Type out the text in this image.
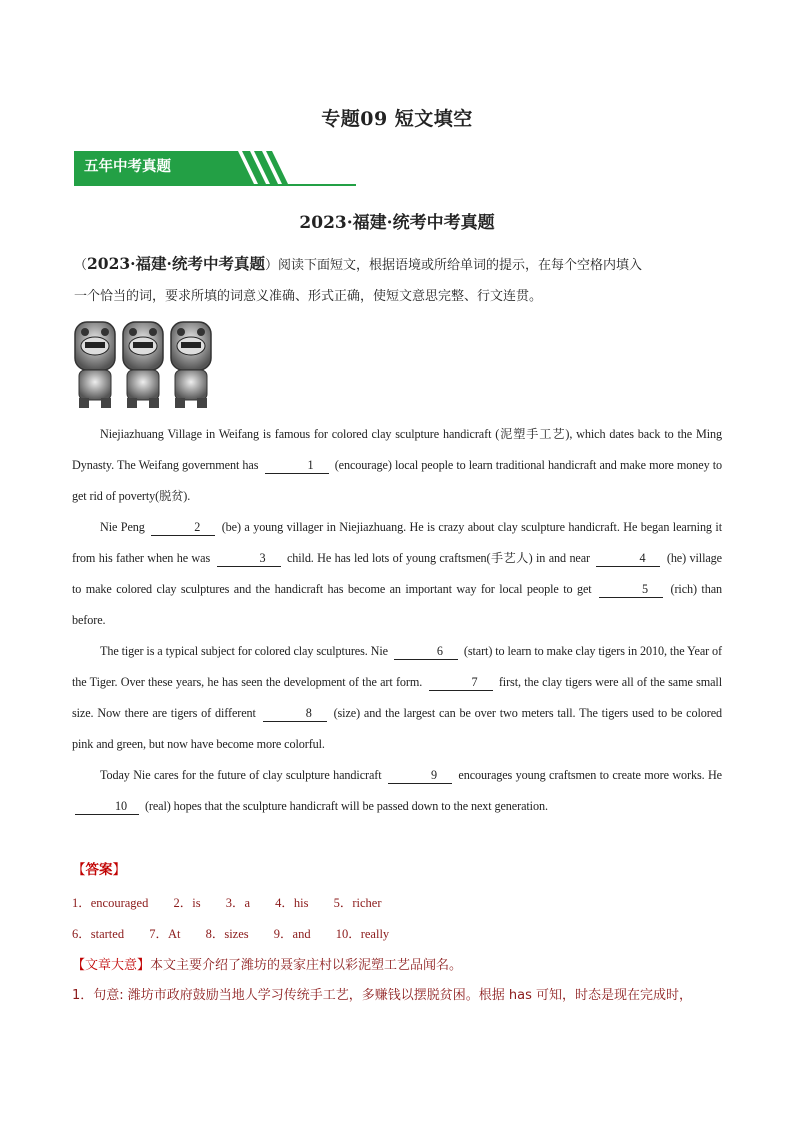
专题09 短文填空
五年中考真题
2023·福建·统考中考真题
（2023·福建·统考中考真题）阅读下面短文，根据语境或所给单词的提示，在每个空格内填入
一个恰当的词，要求所填的词意义准确、形式正确，使短文意思完整、行文连贯。

Niejiazhuang Village in Weifang is famous for colored clay sculpture handicraft (泥塑手工艺), which dates back to the Ming Dynasty. The Weifang government has	1 (encourage) local people to learn traditional handicraft and make more money to get rid of poverty(脱贫).

Nie Peng	2 (be) a young villager in Niejiazhuang. He is crazy about clay sculpture handicraft. He began learning it from his father when he was	3 child. He has led lots of young craftsmen(手艺人) in and near	4 (he) village to make colored clay sculptures and the handicraft has become an important way for local people to get	5 (rich) than before.

The tiger is a typical subject for colored clay sculptures. Nie	6 (start) to learn to make clay tigers in 2010, the Year of the Tiger. Over these years, he has seen the development of the art form.	7 first, the clay tigers were all of the same small size. Now there are tigers of different	8 (size) and the largest can be over two meters tall. The tigers used to be colored pink and green, but now have become more colorful.

Today Nie cares for the future of clay sculpture handicraft	9 encourages young craftsmen to create more works. He 10 (real) hopes that the sculpture handicraft will be passed down to the next generation.

【答案】
1．encouraged 2．is 3．a 4．his 5．richer
6．started 7．At 8．sizes 9．and 10．really
【文章大意】本文主要介绍了潍坊的聂家庄村以彩泥塑工艺品闻名。
1．句意: 潍坊市政府鼓励当地人学习传统手工艺，多赚钱以摆脱贫困。根据 has 可知，时态是现在完成时，
